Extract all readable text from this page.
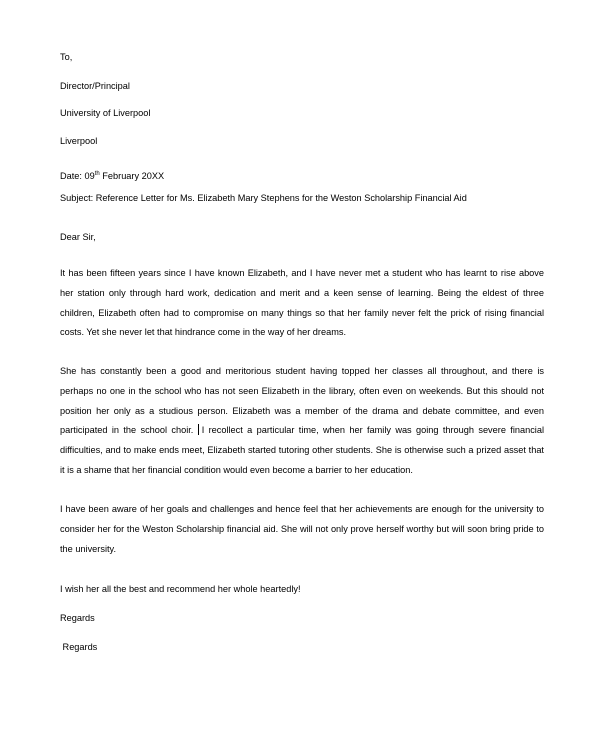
To,
Director/Principal
University of Liverpool
Liverpool
Date: 09th February 20XX
Subject: Reference Letter for Ms. Elizabeth Mary Stephens for the Weston Scholarship Financial Aid
Dear Sir,
It has been fifteen years since I have known Elizabeth, and I have never met a student who has learnt to rise above her station only through hard work, dedication and merit and a keen sense of learning. Being the eldest of three children, Elizabeth often had to compromise on many things so that her family never felt the prick of rising financial costs. Yet she never let that hindrance come in the way of her dreams.
She has constantly been a good and meritorious student having topped her classes all throughout, and there is perhaps no one in the school who has not seen Elizabeth in the library, often even on weekends. But this should not position her only as a studious person. Elizabeth was a member of the drama and debate committee, and even participated in the school choir. I recollect a particular time, when her family was going through severe financial difficulties, and to make ends meet, Elizabeth started tutoring other students. She is otherwise such a prized asset that it is a shame that her financial condition would even become a barrier to her education.
I have been aware of her goals and challenges and hence feel that her achievements are enough for the university to consider her for the Weston Scholarship financial aid. She will not only prove herself worthy but will soon bring pride to the university.
I wish her all the best and recommend her whole heartedly!
Regards
Regards
